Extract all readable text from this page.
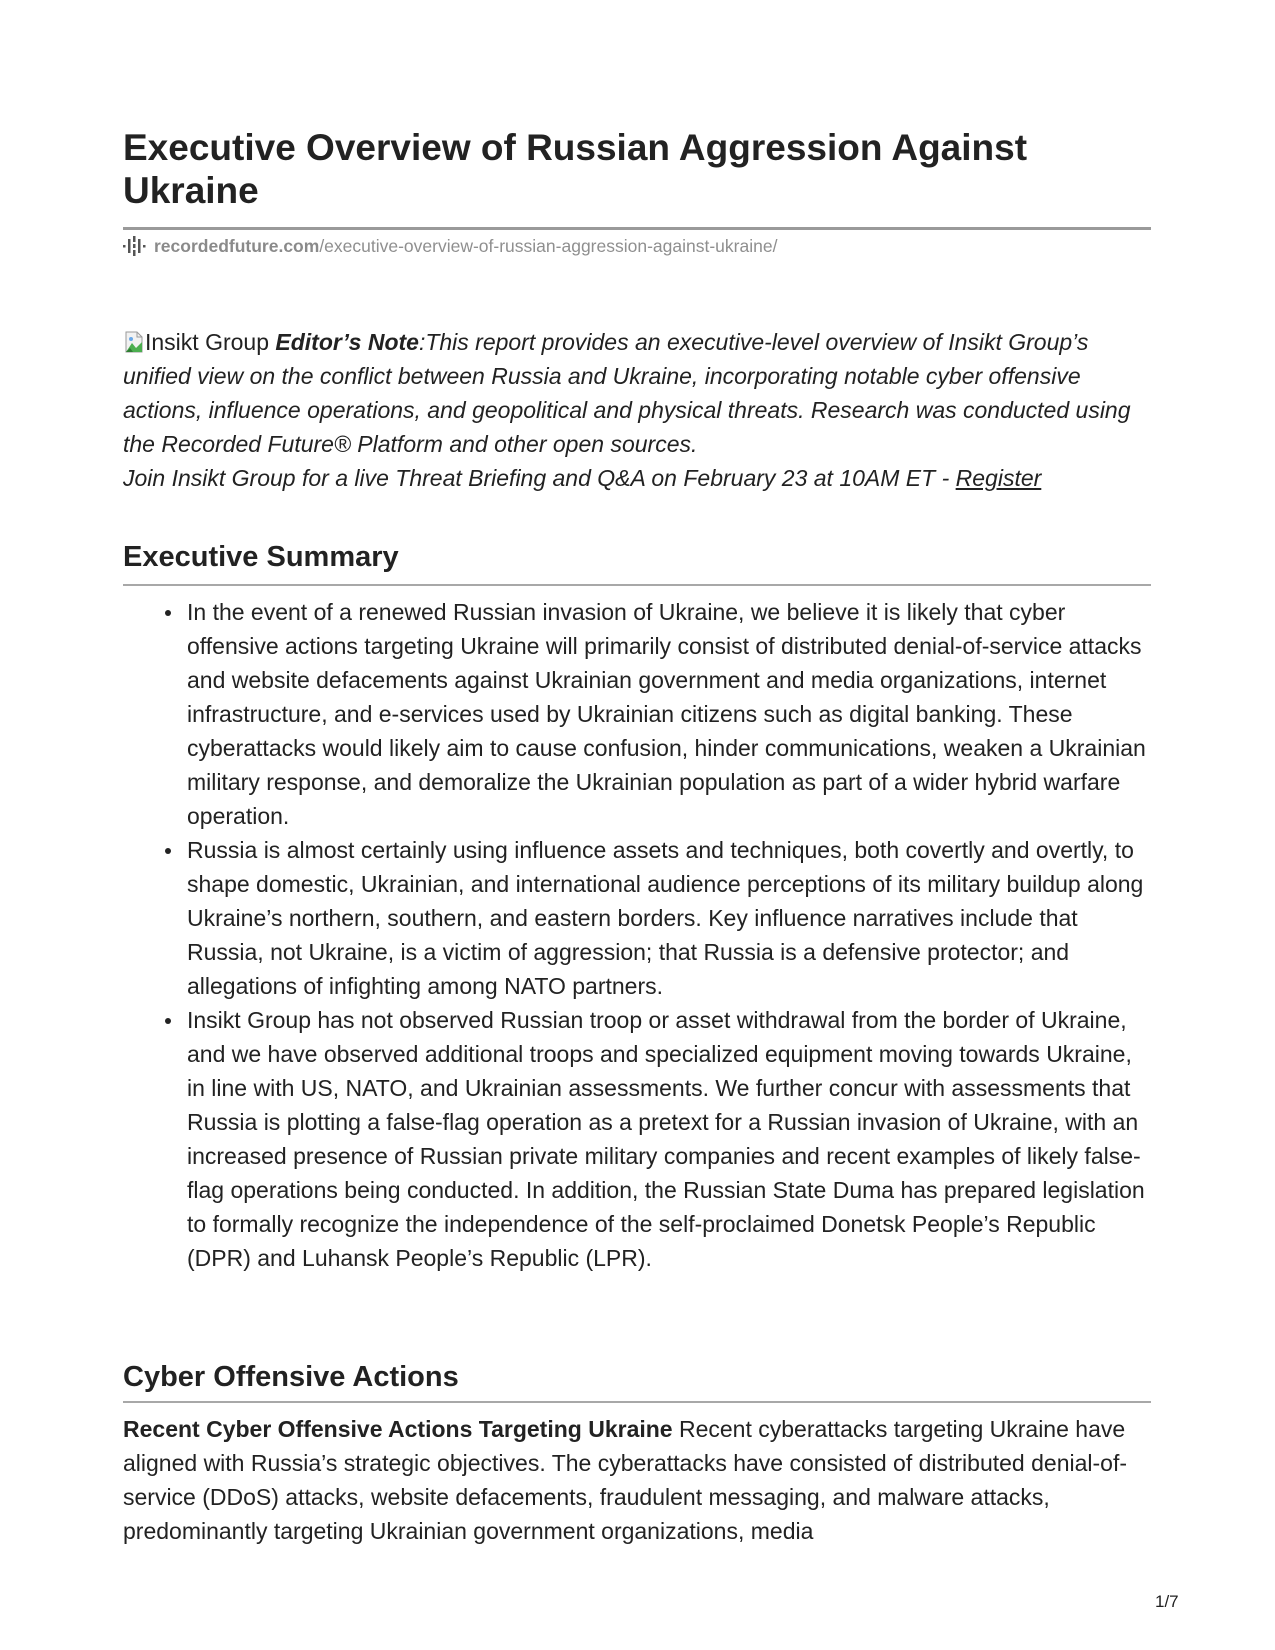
Executive Overview of Russian Aggression Against Ukraine
recordedfuture.com /executive-overview-of-russian-aggression-against-ukraine/
Insikt Group Editor’s Note:This report provides an executive-level overview of Insikt Group’s unified view on the conflict between Russia and Ukraine, incorporating notable cyber offensive actions, influence operations, and geopolitical and physical threats. Research was conducted using the Recorded Future® Platform and other open sources.
Join Insikt Group for a live Threat Briefing and Q&A on February 23 at 10AM ET - Register
Executive Summary
In the event of a renewed Russian invasion of Ukraine, we believe it is likely that cyber offensive actions targeting Ukraine will primarily consist of distributed denial-of-service attacks and website defacements against Ukrainian government and media organizations, internet infrastructure, and e-services used by Ukrainian citizens such as digital banking. These cyberattacks would likely aim to cause confusion, hinder communications, weaken a Ukrainian military response, and demoralize the Ukrainian population as part of a wider hybrid warfare operation.
Russia is almost certainly using influence assets and techniques, both covertly and overtly, to shape domestic, Ukrainian, and international audience perceptions of its military buildup along Ukraine’s northern, southern, and eastern borders. Key influence narratives include that Russia, not Ukraine, is a victim of aggression; that Russia is a defensive protector; and allegations of infighting among NATO partners.
Insikt Group has not observed Russian troop or asset withdrawal from the border of Ukraine, and we have observed additional troops and specialized equipment moving towards Ukraine, in line with US, NATO, and Ukrainian assessments. We further concur with assessments that Russia is plotting a false-flag operation as a pretext for a Russian invasion of Ukraine, with an increased presence of Russian private military companies and recent examples of likely false-flag operations being conducted. In addition, the Russian State Duma has prepared legislation to formally recognize the independence of the self-proclaimed Donetsk People’s Republic (DPR) and Luhansk People’s Republic (LPR).
Cyber Offensive Actions

Recent Cyber Offensive Actions Targeting Ukraine Recent cyberattacks targeting Ukraine have aligned with Russia’s strategic objectives. The cyberattacks have consisted of distributed denial-of-service (DDoS) attacks, website defacements, fraudulent messaging, and malware attacks, predominantly targeting Ukrainian government organizations, media

1/7
